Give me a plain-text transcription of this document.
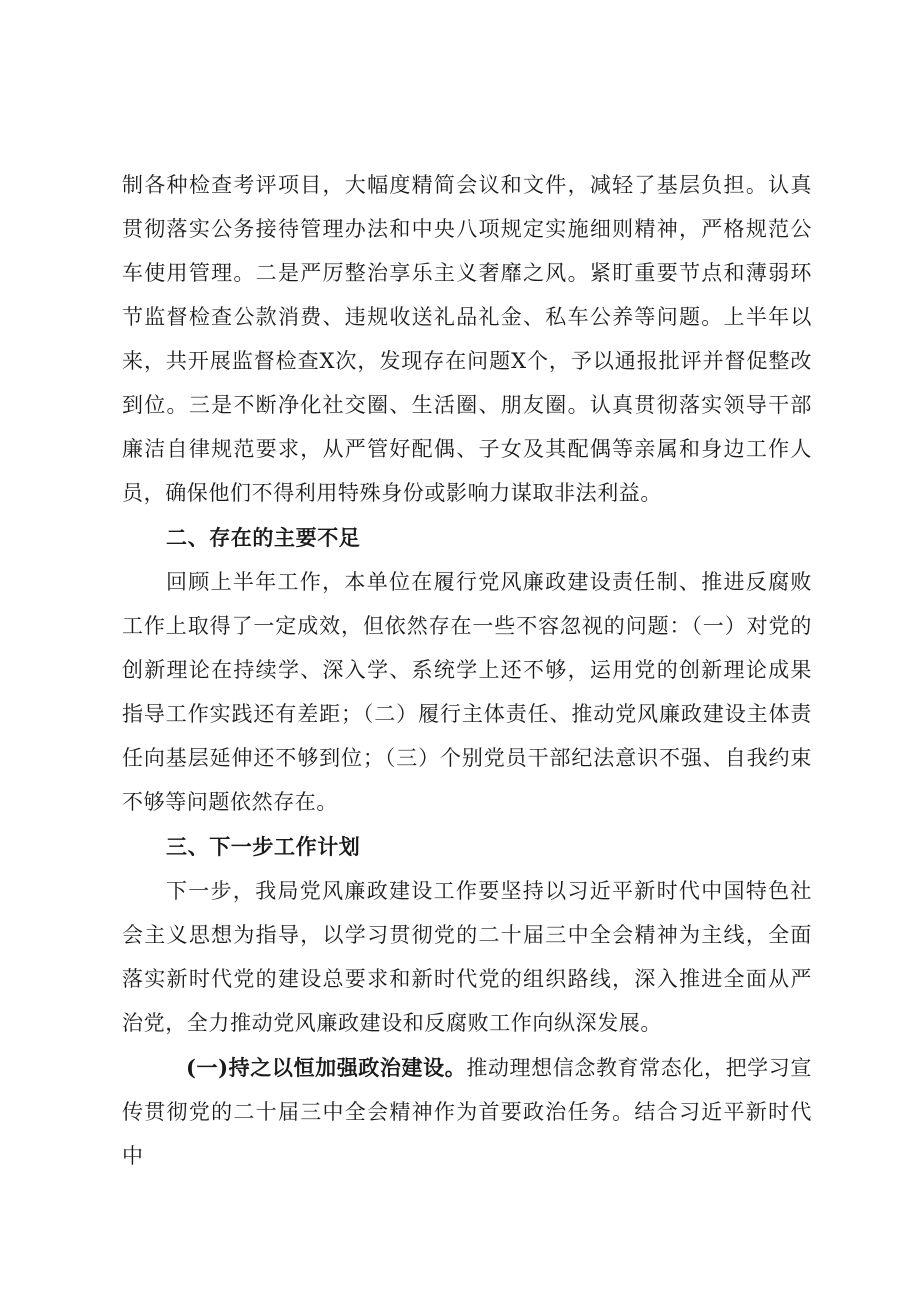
制各种检查考评项目，大幅度精简会议和文件，减轻了基层负担。认真贯彻落实公务接待管理办法和中央八项规定实施细则精神，严格规范公车使用管理。二是严厉整治享乐主义奢靡之风。紧盯重要节点和薄弱环节监督检查公款消费、违规收送礼品礼金、私车公养等问题。上半年以来，共开展监督检查X次，发现存在问题X个，予以通报批评并督促整改到位。三是不断净化社交圈、生活圈、朋友圈。认真贯彻落实领导干部廉洁自律规范要求，从严管好配偶、子女及其配偶等亲属和身边工作人员，确保他们不得利用特殊身份或影响力谋取非法利益。

二、存在的主要不足

回顾上半年工作，本单位在履行党风廉政建设责任制、推进反腐败工作上取得了一定成效，但依然存在一些不容忽视的问题：（一）对党的创新理论在持续学、深入学、系统学上还不够，运用党的创新理论成果指导工作实践还有差距；（二）履行主体责任、推动党风廉政建设主体责任向基层延伸还不够到位；（三）个别党员干部纪法意识不强、自我约束不够等问题依然存在。

三、下一步工作计划

下一步，我局党风廉政建设工作要坚持以习近平新时代中国特色社会主义思想为指导，以学习贯彻党的二十届三中全会精神为主线，全面落实新时代党的建设总要求和新时代党的组织路线，深入推进全面从严治党，全力推动党风廉政建设和反腐败工作向纵深发展。

(一)持之以恒加强政治建设。推动理想信念教育常态化，把学习宣传贯彻党的二十届三中全会精神作为首要政治任务。结合习近平新时代中
